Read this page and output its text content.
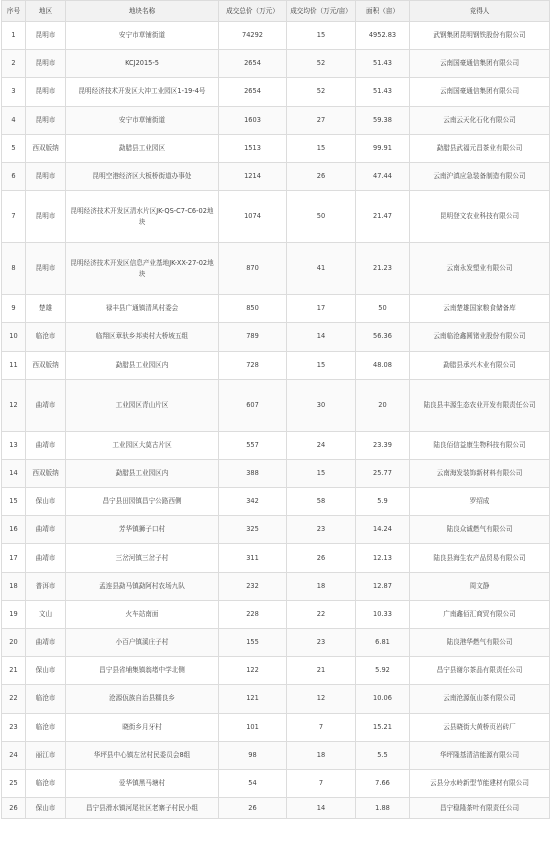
序号	地区	地块名称	成交总价（万元）	成交均价（万元/亩）	面积（亩）	竞得人
1	昆明市	安宁市草铺街道	74292	15	4952.83	武钢集团昆明钢铁股份有限公司
2	昆明市	KCJ2015-5	2654	52	51.43	云南国豪通信集团有限公司
3	昆明市	昆明经济技术开发区大冲工业园区1-19-4号	2654	52	51.43	云南国豪通信集团有限公司
4	昆明市	安宁市草铺街道	1603	27	59.38	云南云天化石化有限公司
5	西双版纳	勐腊县工业园区	1513	15	99.91	勐腊县武福元昌茶业有限公司
6	昆明市	昆明空港经济区大板桥街道办事处	1214	26	47.44	云南沪滇应急装备制造有限公司
7	昆明市	昆明经济技术开发区清水片区JK-QS-C7-C6-02地块	1074	50	21.47	昆明登文农业科技有限公司
8	昆明市	昆明经济技术开发区信息产业基地JK-XX-27-02地块	870	41	21.23	云南永发塑业有限公司
9	楚雄	禄丰县广通镇清风村委会	850	17	50	云南楚雄国家粮食储备库
10	临沧市	临翔区章驮乡邦卖村大桥坡五组	789	14	56.36	云南临沧鑫圆锗业股份有限公司
11	西双版纳	勐腊县工业园区内	728	15	48.08	勐腊县承兴木业有限公司
12	曲靖市	工业园区青山片区	607	30	20	陆良县丰源生态农业开发有限责任公司
13	曲靖市	工业园区大莫古片区	557	24	23.39	陆良佰信益康生物科技有限公司
14	西双版纳	勐腊县工业园区内	388	15	25.77	云南海发装饰新材料有限公司
15	保山市	昌宁县田园镇昌宁公路西侧	342	58	5.9	罗绍成
16	曲靖市	芳华镇狮子口村	325	23	14.24	陆良众诚燃气有限公司
17	曲靖市	三岔河镇三岔子村	311	26	12.13	陆良县海生农产品贸易有限公司
18	普洱市	孟连县勐马镇勐阿村农场九队	232	18	12.87	周文静
19	文山	火车站南面	228	22	10.33	广南鑫佰汇商贸有限公司
20	曲靖市	小百户镇溪庄子村	155	23	6.81	陆良港华燃气有限公司
21	保山市	昌宁县省埔集镇翁堵中学北侧	122	21	5.92	昌宁县谢尔茶品有限责任公司
22	临沧市	沧源佤族自治县糯良乡	121	12	10.06	云南沧源佤山茶有限公司
23	临沧市	晓街乡月牙村	101	7	15.21	云县晓街大黄桥页岩砖厂
24	丽江市	华坪县中心镇左岔村民委员会8组	98	18	5.5	华坪隆基清洁能源有限公司
25	临沧市	爱华镇黑马塘村	54	7	7.66	云县分水岭新型节能建材有限公司
26	保山市	昌宁县滑水镇河尾社区老寨子村民小组	26	14	1.88	昌宁稳隆茶叶有限责任公司
